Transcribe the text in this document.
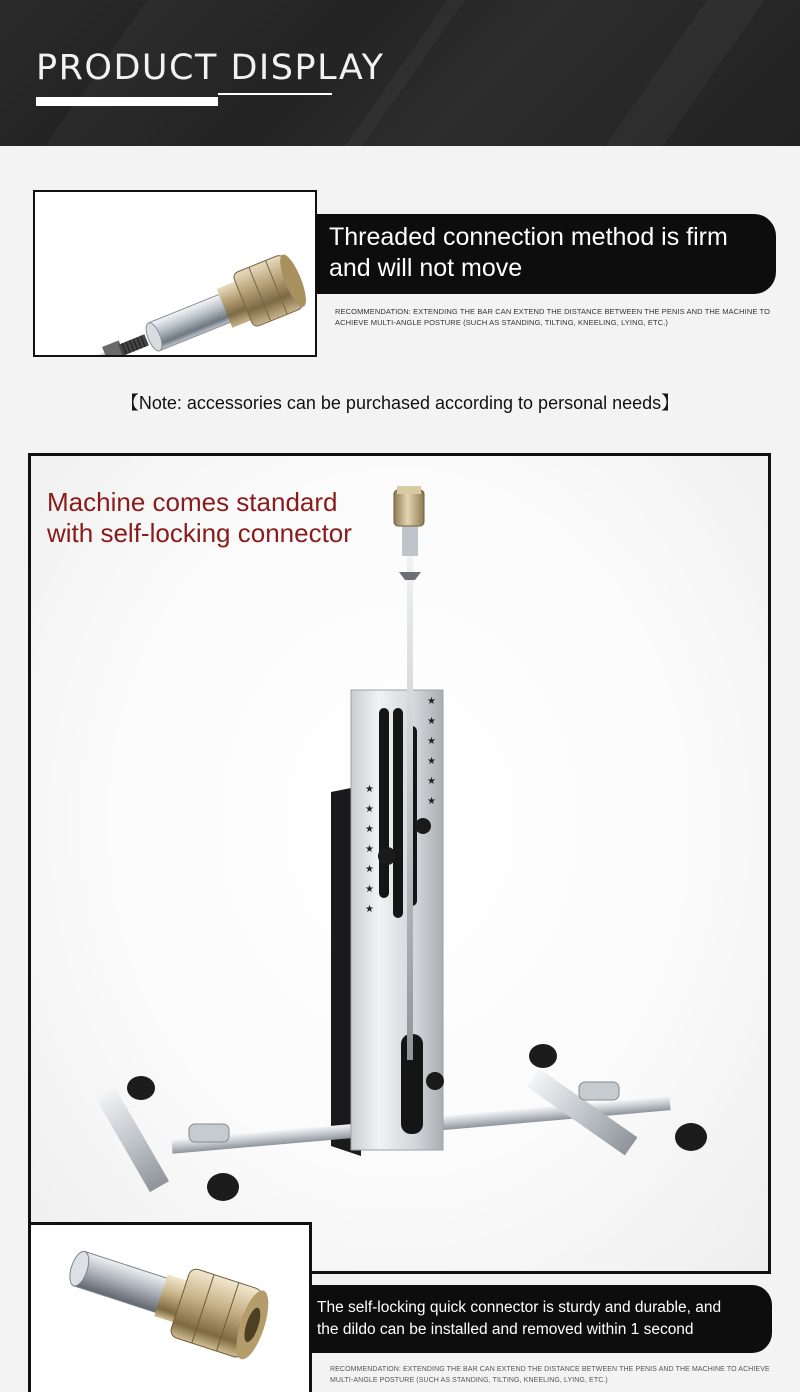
PRODUCT DISPLAY
Threaded connection method is firm
and will not move
RECOMMENDATION: EXTENDING THE BAR CAN EXTEND THE DISTANCE BETWEEN THE PENIS AND THE MACHINE TO
ACHIEVE MULTI-ANGLE POSTURE (SUCH AS STANDING, TILTING, KNEELING, LYING, ETC.)
【Note: accessories can be purchased according to personal needs】
★
★
★
★
★
★
★
★
★
★
★
★
★
Machine comes standard
with self-locking connector
The self-locking quick connector is sturdy and durable, and
the dildo can be installed and removed within 1 second
RECOMMENDATION: EXTENDING THE BAR CAN EXTEND THE DISTANCE BETWEEN THE PENIS AND THE MACHINE TO ACHIEVE
MULTI-ANGLE POSTURE (SUCH AS STANDING, TILTING, KNEELING, LYING, ETC.)
